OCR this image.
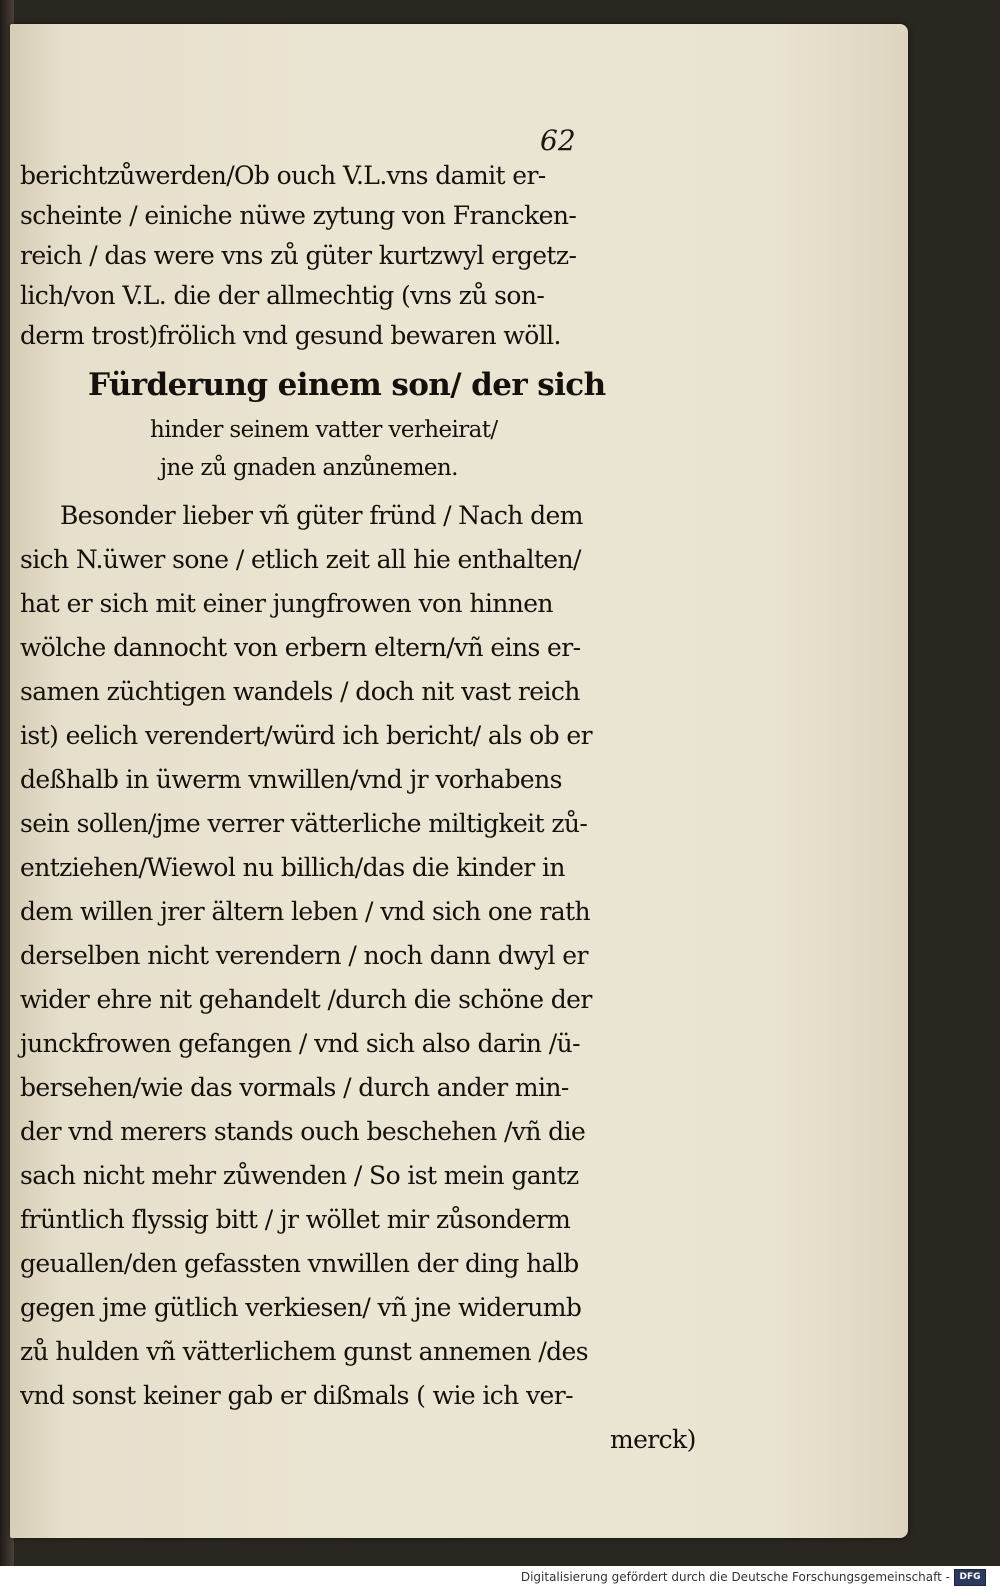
62
berichtzůwerden/Ob ouch V.L.vns damit er-
scheinte / einiche nüwe zytung von Francken-
reich / das were vns zů güter kurtzwyl ergetz-
lich/von V.L. die der allmechtig (vns zů son-
derm trost)frölich vnd gesund bewaren wöll.
Fürderung einem son/ der sich
hinder seinem vatter verheirat/
jne zů gnaden anzůnemen.
Besonder lieber vñ güter fründ / Nach dem
sich N.üwer sone / etlich zeit all hie enthalten/
hat er sich mit einer jungfrowen von hinnen
wölche dannocht von erbern eltern/vñ eins er-
samen züchtigen wandels / doch nit vast reich
ist) eelich verendert/würd ich bericht/ als ob er
deßhalb in üwerm vnwillen/vnd jr vorhabens
sein sollen/jme verrer vätterliche miltigkeit zů-
entziehen/Wiewol nu billich/das die kinder in
dem willen jrer ältern leben / vnd sich one rath
derselben nicht verendern / noch dann dwyl er
wider ehre nit gehandelt /durch die schöne der
junckfrowen gefangen / vnd sich also darin /ü-
bersehen/wie das vormals / durch ander min-
der vnd merers stands ouch beschehen /vñ die
sach nicht mehr zůwenden / So ist mein gantz
früntlich flyssig bitt / jr wöllet mir zůsonderm
geuallen/den gefassten vnwillen der ding halb
gegen jme gütlich verkiesen/ vñ jne widerumb
zů hulden vñ vätterlichem gunst annemen /des
vnd sonst keiner gab er dißmals ( wie ich ver-
merck)
Digitalisierung gefördert durch die Deutsche Forschungsgemeinschaft -	DFG
